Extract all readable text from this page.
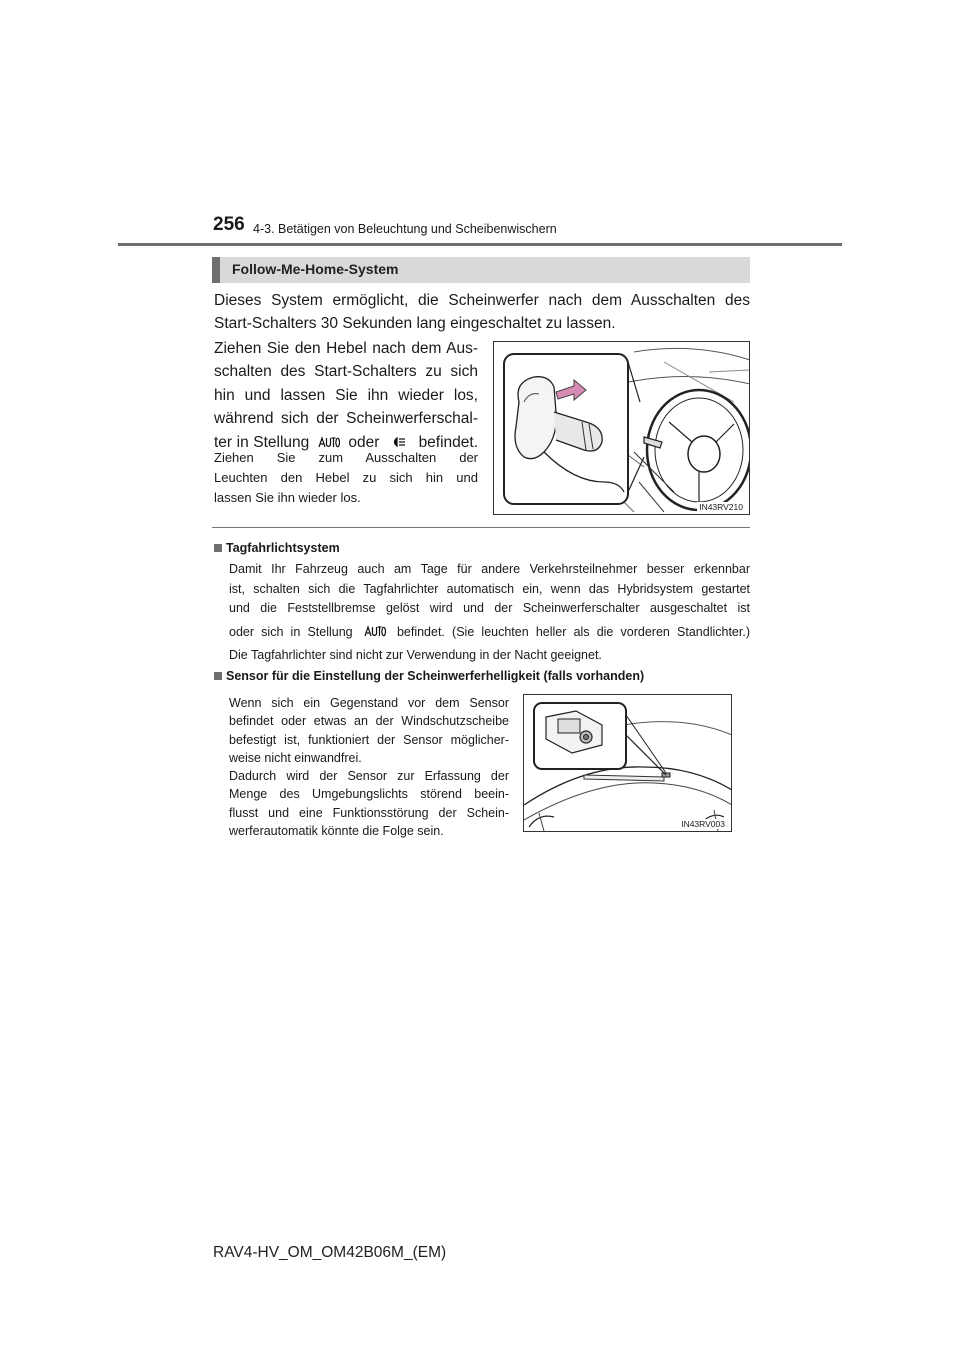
256 4-3. Betätigen von Beleuchtung und Scheibenwischern
Follow-Me-Home-System
Dieses System ermöglicht, die Scheinwerfer nach dem Ausschalten des
Start-Schalters 30 Sekunden lang eingeschaltet zu lassen.
Ziehen Sie den Hebel nach dem Aus-
schalten des Start-Schalters zu sich
hin und lassen Sie ihn wieder los,
während sich der Scheinwerferschal-
ter in Stellung	oder	befindet.
Ziehen Sie zum Ausschalten der
Leuchten den Hebel zu sich hin und
lassen Sie ihn wieder los.
IN43RV210
Tagfahrlichtsystem
Damit Ihr Fahrzeug auch am Tage für andere Verkehrsteilnehmer besser erkennbar
ist, schalten sich die Tagfahrlichter automatisch ein, wenn das Hybridsystem gestartet
und die Feststellbremse gelöst wird und der Scheinwerferschalter ausgeschaltet ist
oder sich in Stellung	befindet. (Sie leuchten heller als die vorderen Standlichter.)
Die Tagfahrlichter sind nicht zur Verwendung in der Nacht geeignet.
Sensor für die Einstellung der Scheinwerferhelligkeit (falls vorhanden)
Wenn sich ein Gegenstand vor dem Sensor
befindet oder etwas an der Windschutzscheibe
befestigt ist, funktioniert der Sensor möglicher-
weise nicht einwandfrei.
Dadurch wird der Sensor zur Erfassung der
Menge des Umgebungslichts störend beein-
flusst und eine Funktionsstörung der Schein-
werferautomatik könnte die Folge sein.
IN43RV003
RAV4-HV_OM_OM42B06M_(EM)
